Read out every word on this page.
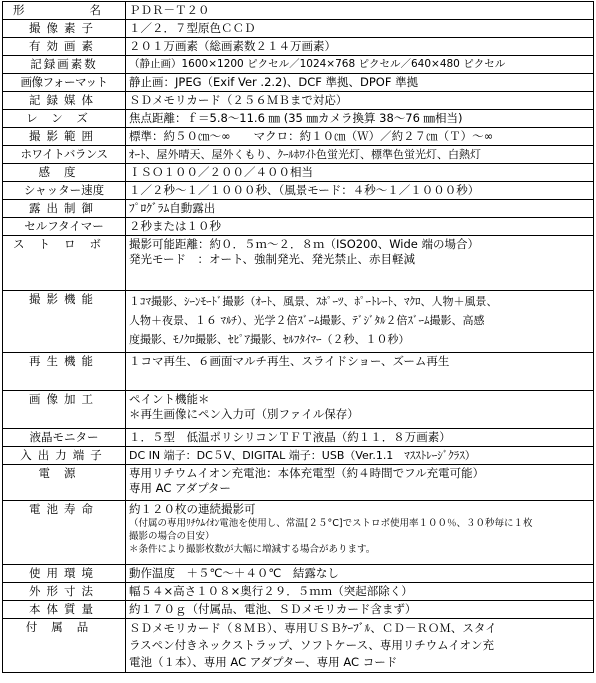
形　　名	ＰＤＲ－Ｔ２０

撮像素子	１／２．７型原色ＣＣＤ

有効画素	２０１万画素（総画素数２１４万画素）

記録画素数	（静止画）1600×1200 ピクセル／1024×768 ピクセル／640×480 ピクセル

画像フォーマット	静止画：JPEG（Exif Ver .2.2)、DCF 準拠、DPOF 準拠

記録媒体	ＳＤメモリカード（２５６ＭＢまで対応）

レンズ	焦点距離：ｆ＝5.8～11.6 ㎜ (35 ㎜カメラ換算 38～76 ㎜相当)

撮影範囲	標準：約５０㎝～∞　　マクロ：約１０㎝（Ｗ）／約２７㎝（Ｔ）～∞

ホワイトバランス	ｵｰﾄ、屋外晴天、屋外くもり、ｸｰﾙﾎﾜｲﾄ色蛍光灯、標準色蛍光灯、白熱灯

感度	ＩＳＯ１００／２００／４００相当

シャッター速度	１／２秒～１／１０００秒、（風景モード：４秒～１／１０００秒）

露出制御	ﾌﾟﾛｸﾞﾗﾑ自動露出

セルフタイマー	２秒または１０秒

ストロボ	撮影可能距離：約０．５ｍ～２．８ｍ（ISO200、Wide 端の場合）
発光モード　：オート、強制発光、発光禁止、赤目軽減

撮影機能	１ｺﾏ撮影、ｼｰﾝﾓｰﾄﾞ撮影（ｵｰﾄ、風景、ｽﾎﾟｰﾂ、ﾎﾟｰﾄﾚｰﾄ、ﾏｸﾛ、人物＋風景、
人物＋夜景、１６ ﾏﾙﾁ）、光学２倍ｽﾞｰﾑ撮影、ﾃﾞｼﾞﾀﾙ２倍ｽﾞｰﾑ撮影、高感
度撮影、ﾓﾉｸﾛ撮影、ｾﾋﾟｱ撮影、ｾﾙﾌﾀｲﾏｰ（２秒、１０秒）

再生機能	１コマ再生、６画面マルチ再生、スライドショー、ズーム再生

画像加工	ペイント機能＊
＊再生画像にペン入力可（別ファイル保存）

液晶モニター	１．５型　低温ポリシリコンＴＦＴ液晶（約１１．８万画素）

入出力端子	DC IN 端子：DC５V、DIGITAL 端子：USB（Ver.1.1　ﾏｽｽﾄﾚｰｼﾞｸﾗｽ）

電源	専用リチウムイオン充電池：本体充電型（約４時間でフル充電可能）
専用 AC アダプター

電池寿命	約１２０枚の連続撮影可
（付属の専用ﾘﾁｳﾑｲｵﾝ電池を使用し、常温[２５°C]でストロボ使用率１００％、３０秒毎に１枚
撮影の場合の目安）
＊条件により撮影枚数が大幅に増減する場合があります。

使用環境	動作温度　＋５℃～＋４０℃　結露なし

外形寸法	幅５４×高さ１０８×奥行２９．５ｍｍ（突起部除く）

本体質量	約１７０ｇ（付属品、電池、ＳＤメモリカード含まず）

付属品	ＳＤメモリカード（８ＭＢ）、専用ＵＳＢｹｰﾌﾞﾙ、ＣＤ－ＲＯＭ、スタイ
ラスペン付きネックストラップ、ソフトケース、専用リチウムイオン充
電池（１本）、専用 AC アダプター、専用 AC コード
